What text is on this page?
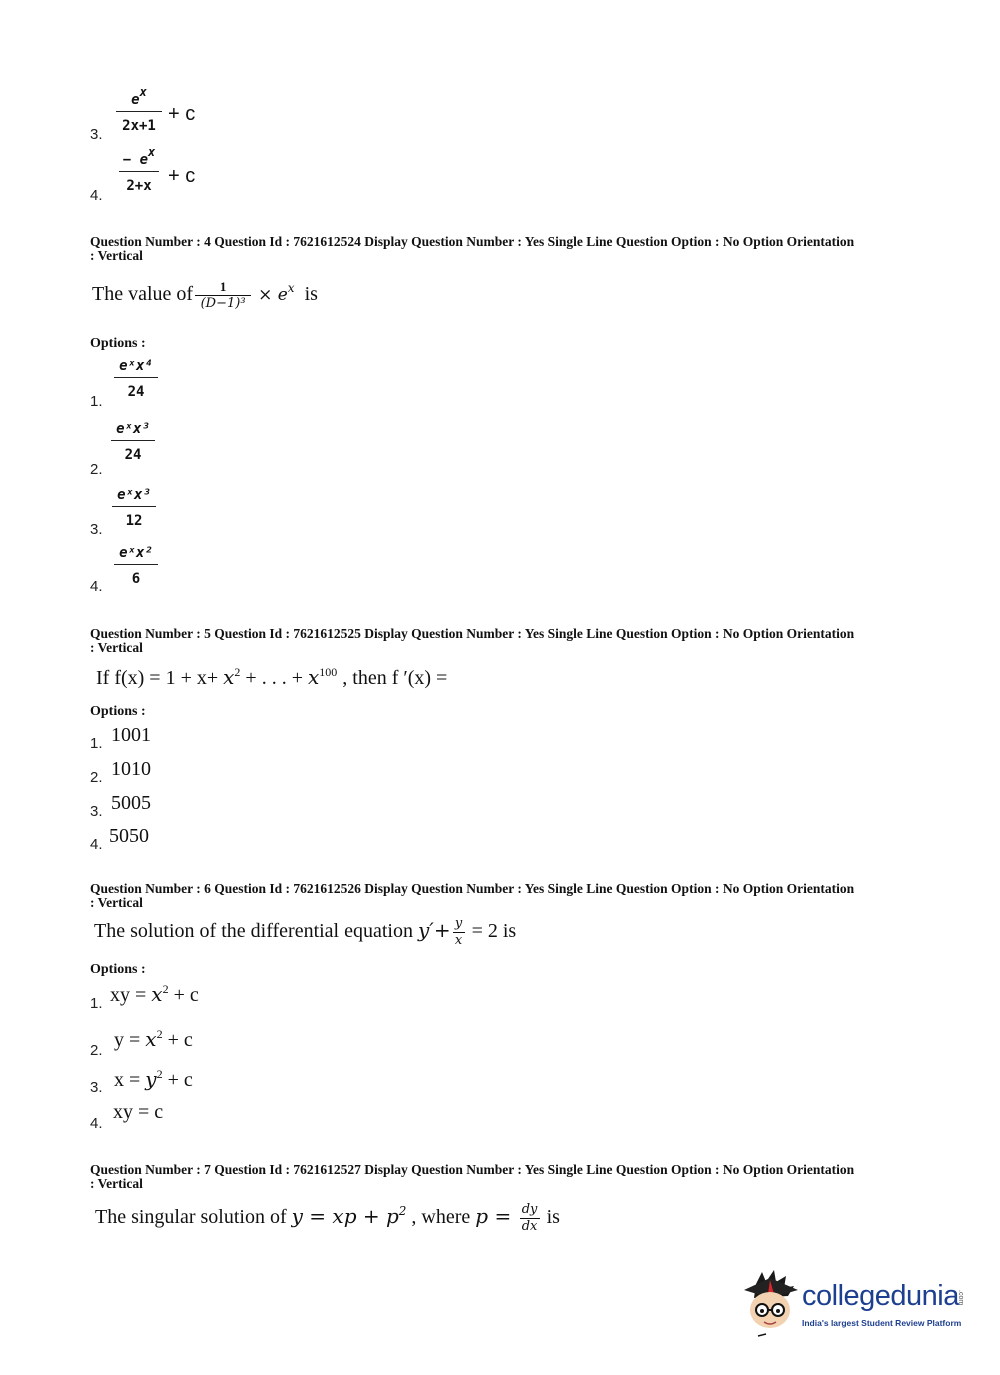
$e^x$
2x+1
+ c
3.
− $e^x$
2+x + c
4.
Question Number : 4 Question Id : 7621612524 Display Question Number : Yes Single Line Question Option : No Option Orientation : Vertical
The value of $\frac{1}{\text{(D−1)³}} \times e^x$ is
Options :
eˣx⁴
24
1.
eˣx³
24
2.
eˣx³
12
3.
eˣx²
6
4.
Question Number : 5 Question Id : 7621612525 Display Question Number : Yes Single Line Question Option : No Option Orientation : Vertical
If $f(x) = 1 + x+ x^2$ + . . . + $x^{100}$ , then f ′(x) =
Options :
1. 1001
2. 1010
3. 5005
4. 5050
Question Number : 6 Question Id : 7621612526 Display Question Number : Yes Single Line Question Option : No Option Orientation : Vertical
The solution of the differential equation $y'+ \frac{y}{x} = 2$ is
Options :
1. xy = $x^2 + c$
2. $y = x^2 + c$
3. $x = y^2 + c$
4.
xy = c
Question Number : 7 Question Id : 7621612527 Display Question Number : Yes Single Line Question Option : No Option Orientation : Vertical
The singular solution of y = xp + $p^2$ , where $p = \frac{dy}{dx}$ is
collegedunia
.com
India's largest Student Review Platform
